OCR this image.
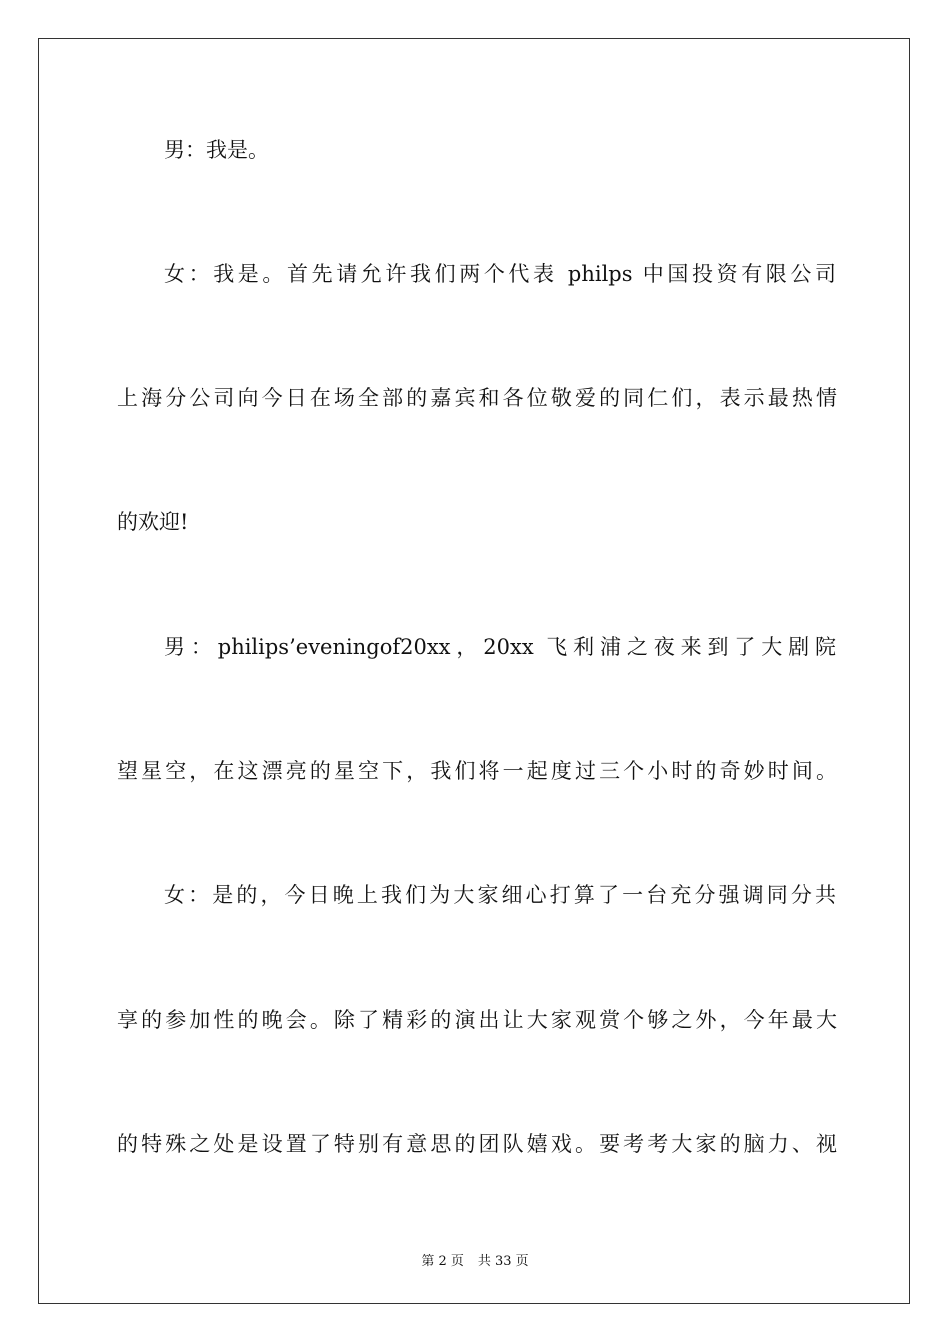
男：我是。
女：我是。首先请允许我们两个代表 philps 中国投资有限公司
上海分公司向今日在场全部的嘉宾和各位敬爱的同仁们，表示最热情
的欢迎!
男：philips’eveningof20xx，20xx 飞利浦之夜来到了大剧院
望星空，在这漂亮的星空下，我们将一起度过三个小时的奇妙时间。
女：是的，今日晚上我们为大家细心打算了一台充分强调同分共
享的参加性的晚会。除了精彩的演出让大家观赏个够之外，今年最大
的特殊之处是设置了特别有意思的团队嬉戏。要考考大家的脑力、视
第 2 页 共 33 页
